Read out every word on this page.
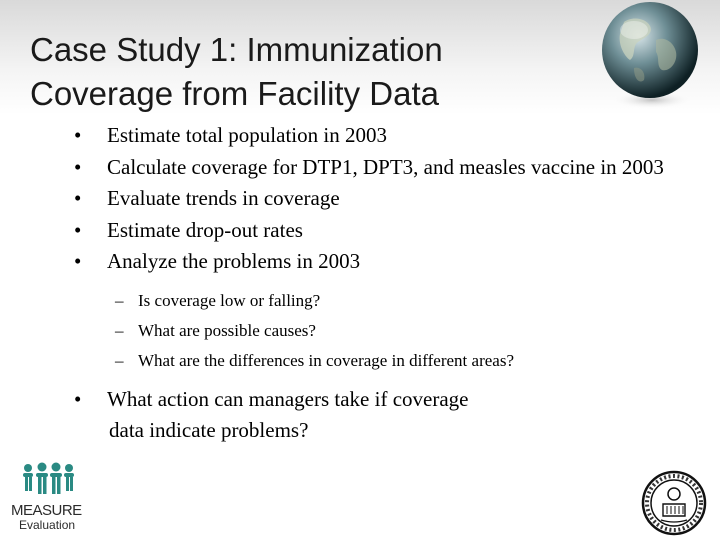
Case Study 1: Immunization
Coverage from Facility Data
•	Estimate total population in 2003
•	Calculate coverage for DTP1, DPT3, and measles vaccine in 2003
•	Evaluate trends in coverage
•	Estimate drop-out rates
•	Analyze the problems in 2003
– Is coverage low or falling?
– What are possible causes?
– What are the differences in coverage in different areas?
•	What action can managers take if coverage
data indicate problems?
MEASURE
Evaluation
